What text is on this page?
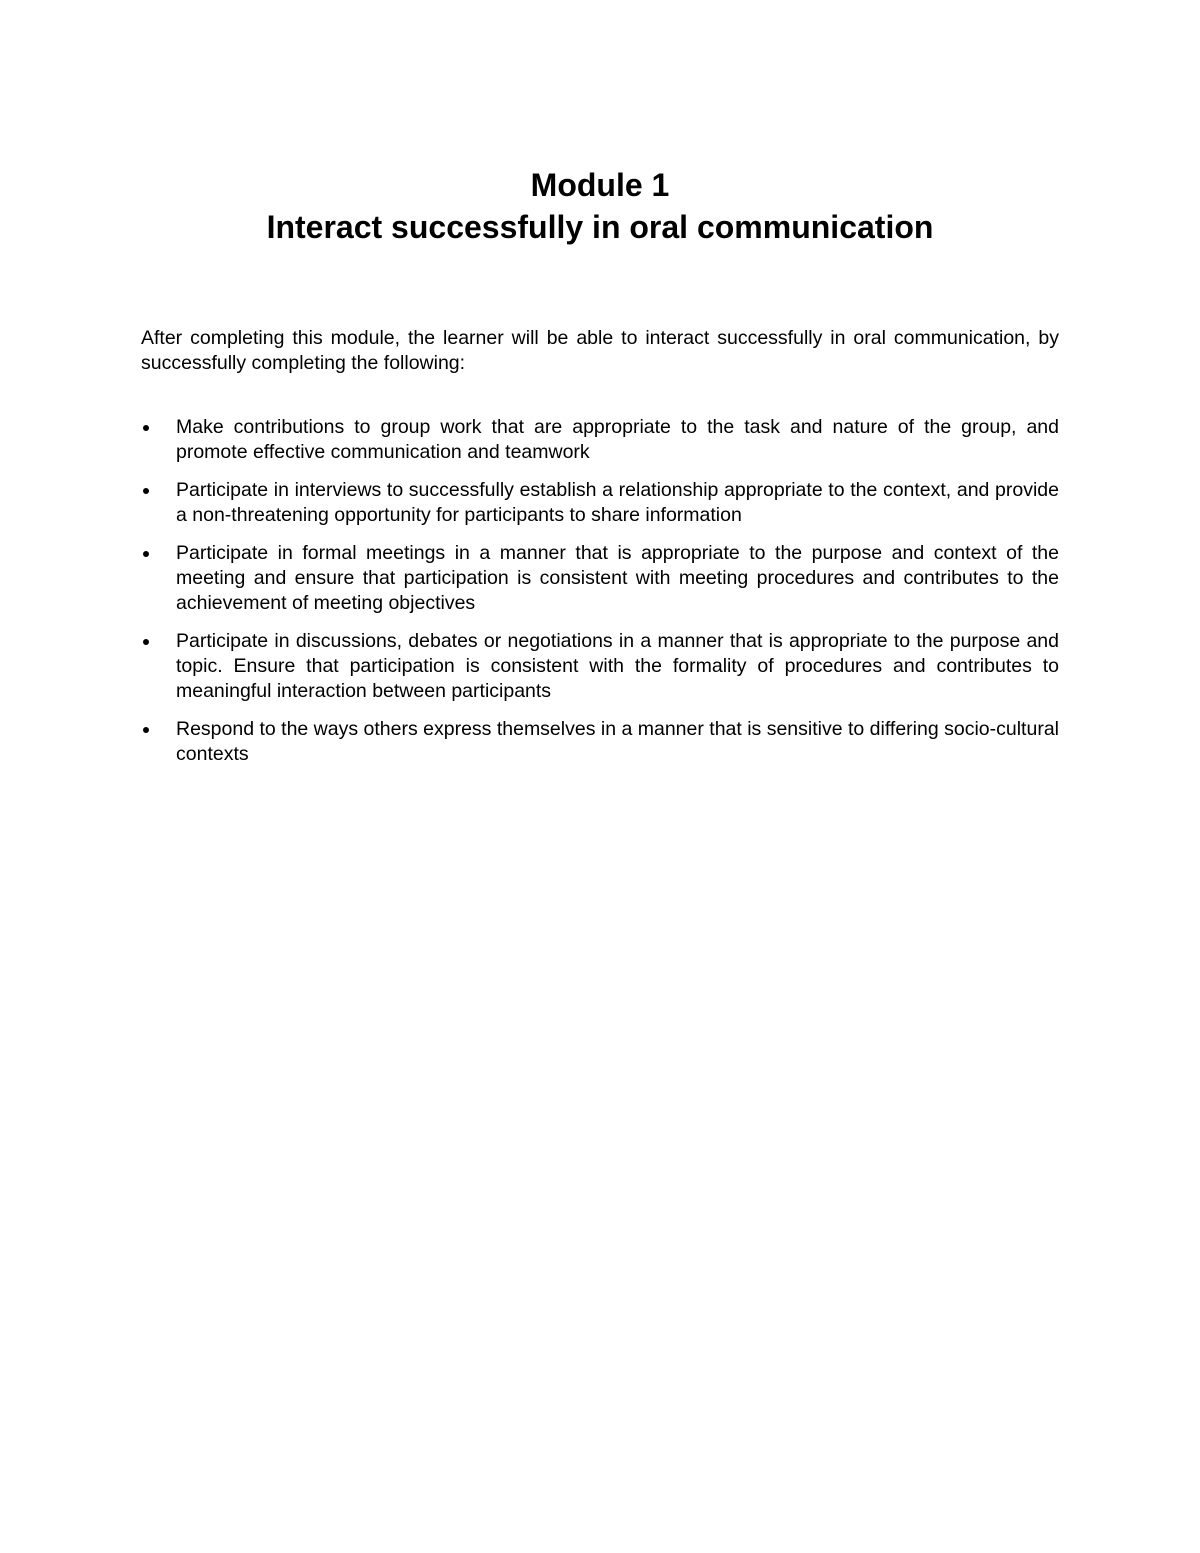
Module 1

Interact successfully in oral communication

After completing this module, the learner will be able to interact successfully in oral communication, by successfully completing the following:

Make contributions to group work that are appropriate to the task and nature of the group, and promote effective communication and teamwork
Participate in interviews to successfully establish a relationship appropriate to the context, and provide a non-threatening opportunity for participants to share information
Participate in formal meetings in a manner that is appropriate to the purpose and context of the meeting and ensure that participation is consistent with meeting procedures and contributes to the achievement of meeting objectives
Participate in discussions, debates or negotiations in a manner that is appropriate to the purpose and topic. Ensure that participation is consistent with the formality of procedures and contributes to meaningful interaction between participants
Respond to the ways others express themselves in a manner that is sensitive to differing socio-cultural contexts
